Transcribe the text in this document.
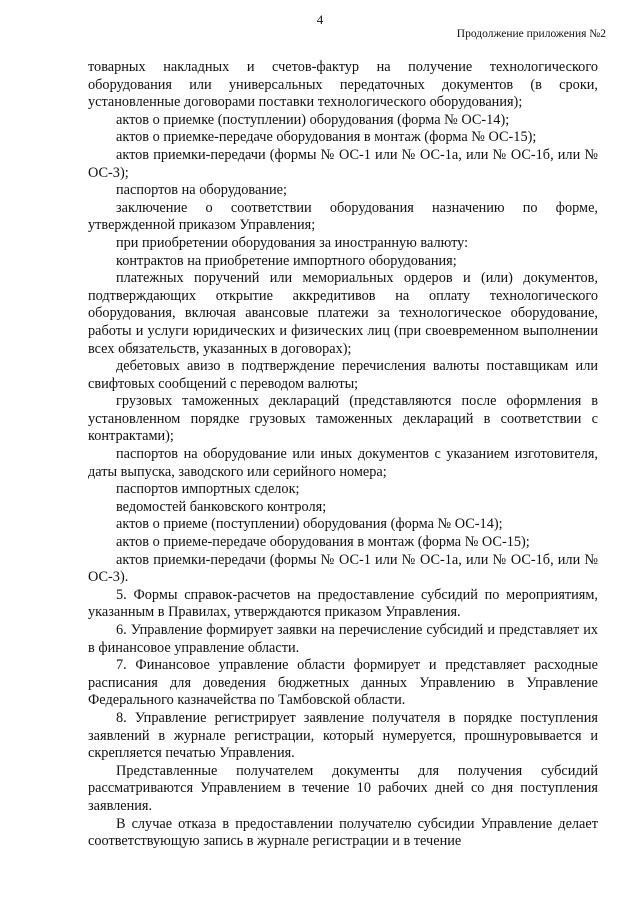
4
Продолжение приложения №2

товарных накладных и счетов-фактур на получение технологического оборудования или универсальных передаточных документов (в сроки, установленные договорами поставки технологического оборудования);

актов о приемке (поступлении) оборудования (форма № ОС-14);

актов о приемке-передаче оборудования в монтаж (форма № ОС-15);

актов приемки-передачи (формы № ОС-1 или № ОС-1а, или № ОС-1б, или № ОС-3);

паспортов на оборудование;

заключение о соответствии оборудования назначению по форме, утвержденной приказом Управления;

при приобретении оборудования за иностранную валюту:

контрактов на приобретение импортного оборудования;

платежных поручений или мемориальных ордеров и (или) документов, подтверждающих открытие аккредитивов на оплату технологического оборудования, включая авансовые платежи за технологическое оборудование, работы и услуги юридических и физических лиц (при своевременном выполнении всех обязательств, указанных в договорах);

дебетовых авизо в подтверждение перечисления валюты поставщикам или свифтовых сообщений с переводом валюты;

грузовых таможенных деклараций (представляются после оформления в установленном порядке грузовых таможенных деклараций в соответствии с контрактами);

паспортов на оборудование или иных документов с указанием изготовителя, даты выпуска, заводского или серийного номера;

паспортов импортных сделок;

ведомостей банковского контроля;

актов о приеме (поступлении) оборудования (форма № ОС-14);

актов о приеме-передаче оборудования в монтаж (форма № ОС-15);

актов приемки-передачи (формы № ОС-1 или № ОС-1а, или № ОС-1б, или № ОС-3).

5. Формы справок-расчетов на предоставление субсидий по мероприятиям, указанным в Правилах, утверждаются приказом Управления.

6. Управление формирует заявки на перечисление субсидий и представляет их в финансовое управление области.

7. Финансовое управление области формирует и представляет расходные расписания для доведения бюджетных данных Управлению в Управление Федерального казначейства по Тамбовской области.

8. Управление регистрирует заявление получателя в порядке поступления заявлений в журнале регистрации, который нумеруется, прошнуровывается и скрепляется печатью Управления.

Представленные получателем документы для получения субсидий рассматриваются Управлением в течение 10 рабочих дней со дня поступления заявления.

В случае отказа в предоставлении получателю субсидии Управление делает соответствующую запись в журнале регистрации и в течение
